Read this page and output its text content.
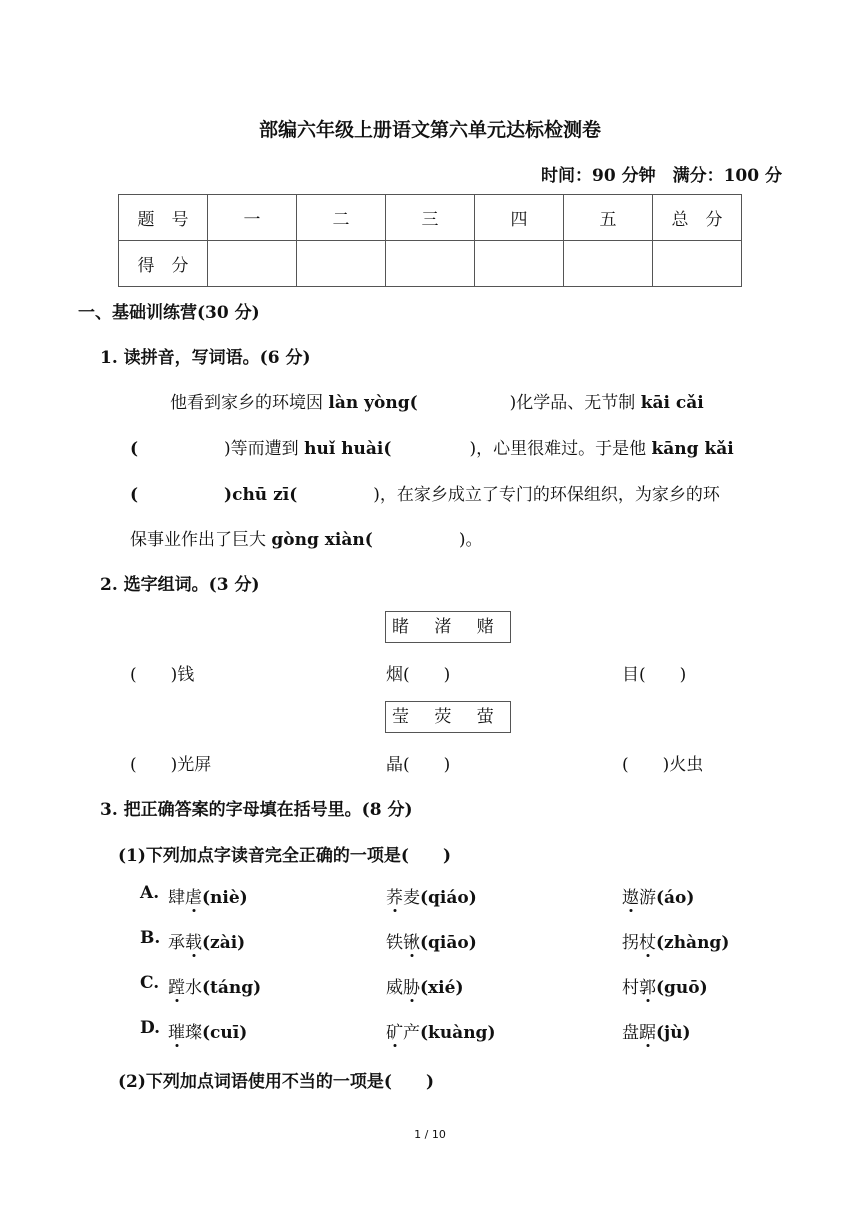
部编六年级上册语文第六单元达标检测卷
时间：90 分钟　满分：100 分
题　号	一	二	三	四	五	总　分
得　分						
一、基础训练营(30 分)
1. 读拼音，写词语。(6 分)
他看到家乡的环境因 làn yòng(	)化学品、无节制 kāi cǎi
(	)等而遭到 huǐ huài(	)，心里很难过。于是他 kāng kǎi
(	)chū zī(	)，在家乡成立了专门的环保组织，为家乡的环
保事业作出了巨大 gòng xiàn(	)。
2. 选字组词。(3 分)
睹 渚 赌
(　　)钱	烟(　　)	目(　　)
莹 荧 萤
(　　)光屏	晶(　　)	(　　)火虫
3. 把正确答案的字母填在括号里。(8 分)
(1)下列加点字读音完全正确的一项是(　　)
A. 肆虐(niè)	荞麦(qiáo)	遨游(áo)
B. 承载(zài)	铁锹(qiāo)	拐杖(zhàng)
C. 蹚水(táng)	威胁(xié)	村郭(guō)
D. 璀璨(cuī)	矿产(kuàng)	盘踞(jù)
(2)下列加点词语使用不当的一项是(　　)
1 / 10
